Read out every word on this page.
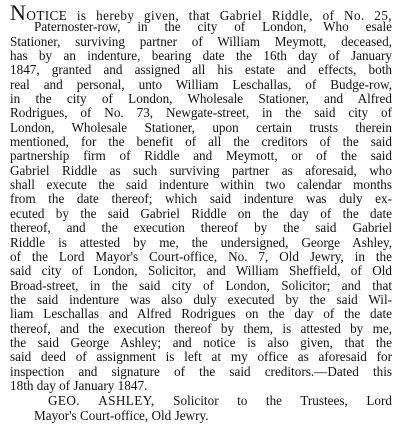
NOTICE is hereby given, that Gabriel Riddle, of No. 25,
Paternoster-row, in the city of London, Who esale
Stationer, surviving partner of William Meymott, deceased,
has by an indenture, bearing date the 16th day of January
1847, granted and assigned all his estate and effects, both
real and personal, unto William Leschallas, of Budge-row,
in the city of London, Wholesale Stationer, and Alfred
Rodrigues, of No. 73, Newgate-street, in the said city of
London, Wholesale Stationer, upon certain trusts therein
mentioned, for the benefit of all the creditors of the said
partnership firm of Riddle and Meymott, or of the said
Gabriel Riddle as such surviving partner as aforesaid, who
shall execute the said indenture within two calendar months
from the date thereof; which said indenture was duly ex-
ecuted by the said Gabriel Riddle on the day of the date
thereof, and the execution thereof by the said Gabriel
Riddle is attested by me, the undersigned, George Ashley,
of the Lord Mayor's Court-office, No. 7, Old Jewry, in the
said city of London, Solicitor, and William Sheffield, of Old
Broad-street, in the said city of London, Solicitor; and that
the said indenture was also duly executed by the said Wil-
liam Leschallas and Alfred Rodrigues on the day of the date
thereof, and the execution thereof by them, is attested by me,
the said George Ashley; and notice is also given, that the
said deed of assignment is left at my office as aforesaid for
inspection and signature of the said creditors.—Dated this
18th day of January 1847.
GEO. ASHLEY, Solicitor to the Trustees, Lord
Mayor's Court-office, Old Jewry.
